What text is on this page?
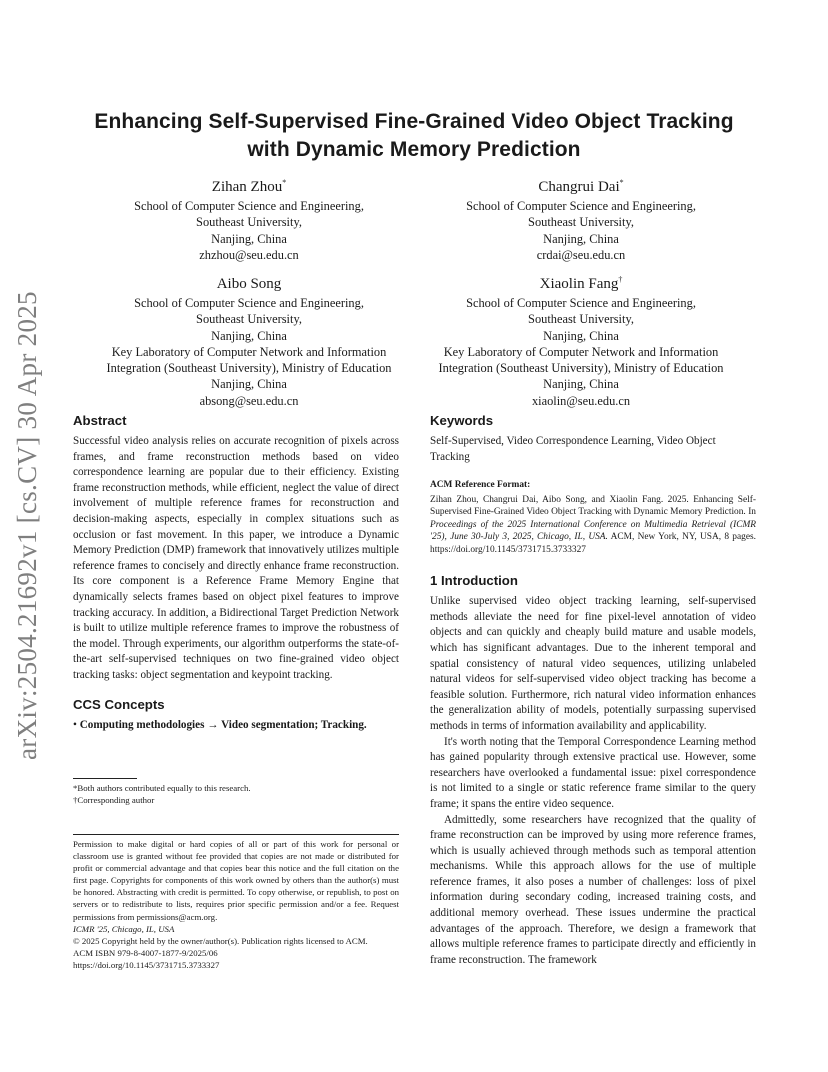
arXiv:2504.21692v1 [cs.CV] 30 Apr 2025
Enhancing Self-Supervised Fine-Grained Video Object Tracking
with Dynamic Memory Prediction
Zihan Zhou*
School of Computer Science and Engineering,
Southeast University,
Nanjing, China
zhzhou@seu.edu.cn
Changrui Dai*
School of Computer Science and Engineering,
Southeast University,
Nanjing, China
crdai@seu.edu.cn
Aibo Song
School of Computer Science and Engineering,
Southeast University,
Nanjing, China
Key Laboratory of Computer Network and Information
Integration (Southeast University), Ministry of Education
Nanjing, China
absong@seu.edu.cn
Xiaolin Fang†
School of Computer Science and Engineering,
Southeast University,
Nanjing, China
Key Laboratory of Computer Network and Information
Integration (Southeast University), Ministry of Education
Nanjing, China
xiaolin@seu.edu.cn
Abstract

Successful video analysis relies on accurate recognition of pixels across frames, and frame reconstruction methods based on video correspondence learning are popular due to their efficiency. Existing frame reconstruction methods, while efficient, neglect the value of direct involvement of multiple reference frames for reconstruction and decision-making aspects, especially in complex situations such as occlusion or fast movement. In this paper, we introduce a Dynamic Memory Prediction (DMP) framework that innovatively utilizes multiple reference frames to concisely and directly enhance frame reconstruction. Its core component is a Reference Frame Memory Engine that dynamically selects frames based on object pixel features to improve tracking accuracy. In addition, a Bidirectional Target Prediction Network is built to utilize multiple reference frames to improve the robustness of the model. Through experiments, our algorithm outperforms the state-of-the-art self-supervised techniques on two fine-grained video object tracking tasks: object segmentation and keypoint tracking.

CCS Concepts

• Computing methodologies → Video segmentation; Tracking.

*Both authors contributed equally to this research.
†Corresponding author

Permission to make digital or hard copies of all or part of this work for personal or classroom use is granted without fee provided that copies are not made or distributed for profit or commercial advantage and that copies bear this notice and the full citation on the first page. Copyrights for components of this work owned by others than the author(s) must be honored. Abstracting with credit is permitted. To copy otherwise, or republish, to post on servers or to redistribute to lists, requires prior specific permission and/or a fee. Request permissions from permissions@acm.org.

ICMR '25, Chicago, IL, USA
© 2025 Copyright held by the owner/author(s). Publication rights licensed to ACM.
ACM ISBN 979-8-4007-1877-9/2025/06
https://doi.org/10.1145/3731715.3733327
Keywords

Self-Supervised, Video Correspondence Learning, Video Object Tracking

ACM Reference Format:

Zihan Zhou, Changrui Dai, Aibo Song, and Xiaolin Fang. 2025. Enhancing Self-Supervised Fine-Grained Video Object Tracking with Dynamic Memory Prediction. In Proceedings of the 2025 International Conference on Multimedia Retrieval (ICMR '25), June 30-July 3, 2025, Chicago, IL, USA. ACM, New York, NY, USA, 8 pages. https://doi.org/10.1145/3731715.3733327

1 Introduction

Unlike supervised video object tracking learning, self-supervised methods alleviate the need for fine pixel-level annotation of video objects and can quickly and cheaply build mature and usable models, which has significant advantages. Due to the inherent temporal and spatial consistency of natural video sequences, utilizing unlabeled natural videos for self-supervised video object tracking has become a feasible solution. Furthermore, rich natural video information enhances the generalization ability of models, potentially surpassing supervised methods in terms of information availability and applicability.

It's worth noting that the Temporal Correspondence Learning method has gained popularity through extensive practical use. However, some researchers have overlooked a fundamental issue: pixel correspondence is not limited to a single or static reference frame similar to the query frame; it spans the entire video sequence.

Admittedly, some researchers have recognized that the quality of frame reconstruction can be improved by using more reference frames, which is usually achieved through methods such as temporal attention mechanisms. While this approach allows for the use of multiple reference frames, it also poses a number of challenges: loss of pixel information during secondary coding, increased training costs, and additional memory overhead. These issues undermine the practical advantages of the approach. Therefore, we design a framework that allows multiple reference frames to participate directly and efficiently in frame reconstruction. The framework
